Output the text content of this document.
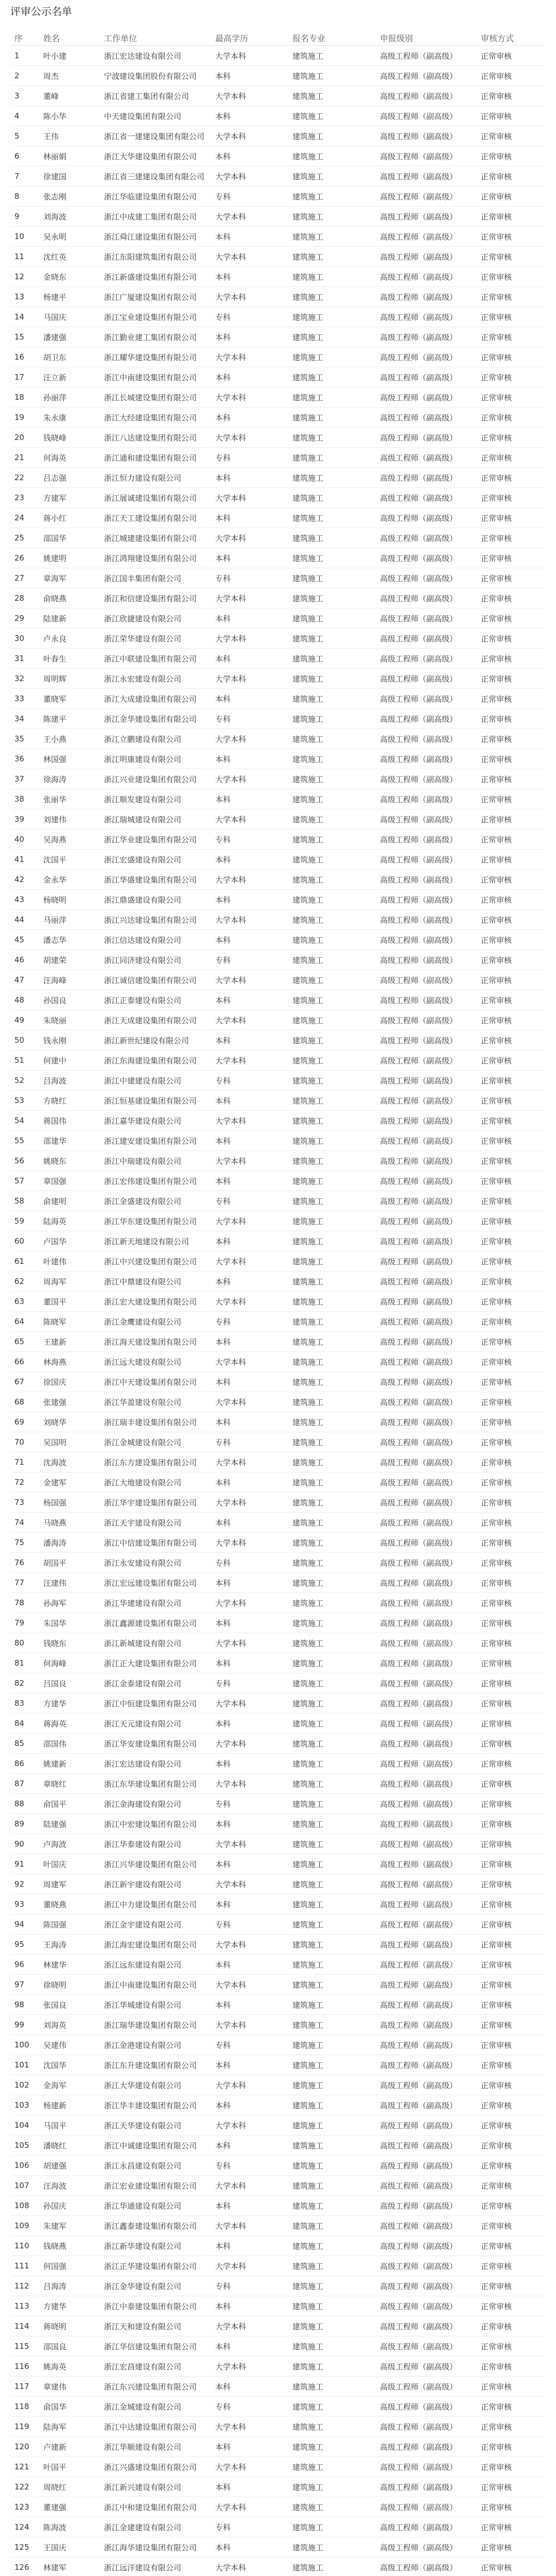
评审公示名单
序	姓名	工作单位	最高学历	报名专业	申报级别	审核方式
1	叶小建	浙江宏达建设有限公司	大学本科	建筑施工	高级工程师（副高级）	正常审核
2	周杰	宁波建设集团股份有限公司	本科	建筑施工	高级工程师（副高级）	正常审核
3	董峰	浙江省建工集团有限公司	大学本科	建筑施工	高级工程师（副高级）	正常审核
4	陈小华	中天建设集团有限公司	本科	建筑施工	高级工程师（副高级）	正常审核
5	王伟	浙江省一建建设集团有限公司	大学本科	建筑施工	高级工程师（副高级）	正常审核
6	林丽娟	浙江大华建设集团有限公司	本科	建筑施工	高级工程师（副高级）	正常审核
7	徐建国	浙江省三建建设集团有限公司	大学本科	建筑施工	高级工程师（副高级）	正常审核
8	张志刚	浙江华临建设集团有限公司	专科	建筑施工	高级工程师（副高级）	正常审核
9	刘海波	浙江中成建工集团有限公司	大学本科	建筑施工	高级工程师（副高级）	正常审核
10	吴永明	浙江舜江建设集团有限公司	本科	建筑施工	高级工程师（副高级）	正常审核
11	沈红英	浙江东阳建筑集团有限公司	大学本科	建筑施工	高级工程师（副高级）	正常审核
12	金晓东	浙江新盛建设集团有限公司	本科	建筑施工	高级工程师（副高级）	正常审核
13	杨建平	浙江广厦建设集团有限公司	大学本科	建筑施工	高级工程师（副高级）	正常审核
14	马国庆	浙江宝业建设集团有限公司	专科	建筑施工	高级工程师（副高级）	正常审核
15	潘建强	浙江勤业建工集团有限公司	本科	建筑施工	高级工程师（副高级）	正常审核
16	胡卫东	浙江耀华建设集团有限公司	大学本科	建筑施工	高级工程师（副高级）	正常审核
17	汪立新	浙江中南建设集团有限公司	本科	建筑施工	高级工程师（副高级）	正常审核
18	孙丽萍	浙江长城建设集团有限公司	大学本科	建筑施工	高级工程师（副高级）	正常审核
19	朱永康	浙江大经建设集团有限公司	本科	建筑施工	高级工程师（副高级）	正常审核
20	钱晓峰	浙江八达建设集团有限公司	大学本科	建筑施工	高级工程师（副高级）	正常审核
21	何海英	浙江通和建设集团有限公司	专科	建筑施工	高级工程师（副高级）	正常审核
22	吕志强	浙江恒力建设有限公司	本科	建筑施工	高级工程师（副高级）	正常审核
23	方建军	浙江展诚建设集团有限公司	大学本科	建筑施工	高级工程师（副高级）	正常审核
24	蒋小红	浙江天工建设集团有限公司	本科	建筑施工	高级工程师（副高级）	正常审核
25	邵国华	浙江城建建设集团有限公司	大学本科	建筑施工	高级工程师（副高级）	正常审核
26	姚建明	浙江鸿翔建设集团有限公司	本科	建筑施工	高级工程师（副高级）	正常审核
27	章海军	浙江国丰集团有限公司	专科	建筑施工	高级工程师（副高级）	正常审核
28	俞晓燕	浙江和信建设集团有限公司	大学本科	建筑施工	高级工程师（副高级）	正常审核
29	陆建新	浙江欣捷建设有限公司	本科	建筑施工	高级工程师（副高级）	正常审核
30	卢永良	浙江荣华建设有限公司	大学本科	建筑施工	高级工程师（副高级）	正常审核
31	叶春生	浙江中联建设集团有限公司	本科	建筑施工	高级工程师（副高级）	正常审核
32	周明辉	浙江永宏建设有限公司	大学本科	建筑施工	高级工程师（副高级）	正常审核
33	董晓军	浙江大成建设集团有限公司	本科	建筑施工	高级工程师（副高级）	正常审核
34	陈建平	浙江金华建设集团有限公司	专科	建筑施工	高级工程师（副高级）	正常审核
35	王小燕	浙江立鹏建设有限公司	大学本科	建筑施工	高级工程师（副高级）	正常审核
36	林国强	浙江明康建设有限公司	本科	建筑施工	高级工程师（副高级）	正常审核
37	徐海涛	浙江兴业建设集团有限公司	大学本科	建筑施工	高级工程师（副高级）	正常审核
38	张丽华	浙江顺发建设有限公司	本科	建筑施工	高级工程师（副高级）	正常审核
39	刘建伟	浙江瑞城建设有限公司	大学本科	建筑施工	高级工程师（副高级）	正常审核
40	吴海燕	浙江华业建设集团有限公司	专科	建筑施工	高级工程师（副高级）	正常审核
41	沈国平	浙江宏盛建设有限公司	本科	建筑施工	高级工程师（副高级）	正常审核
42	金永华	浙江华盛建设集团有限公司	大学本科	建筑施工	高级工程师（副高级）	正常审核
43	杨晓明	浙江鼎盛建设有限公司	本科	建筑施工	高级工程师（副高级）	正常审核
44	马丽萍	浙江兴达建设集团有限公司	大学本科	建筑施工	高级工程师（副高级）	正常审核
45	潘志华	浙江信达建设有限公司	本科	建筑施工	高级工程师（副高级）	正常审核
46	胡建荣	浙江同济建设有限公司	专科	建筑施工	高级工程师（副高级）	正常审核
47	汪海峰	浙江诚信建设集团有限公司	大学本科	建筑施工	高级工程师（副高级）	正常审核
48	孙国良	浙江正泰建设有限公司	本科	建筑施工	高级工程师（副高级）	正常审核
49	朱晓丽	浙江天成建设集团有限公司	大学本科	建筑施工	高级工程师（副高级）	正常审核
50	钱永刚	浙江新世纪建设有限公司	本科	建筑施工	高级工程师（副高级）	正常审核
51	何建中	浙江东海建设集团有限公司	大学本科	建筑施工	高级工程师（副高级）	正常审核
52	吕海波	浙江中建建设有限公司	专科	建筑施工	高级工程师（副高级）	正常审核
53	方晓红	浙江恒基建设集团有限公司	本科	建筑施工	高级工程师（副高级）	正常审核
54	蒋国伟	浙江嘉华建设有限公司	大学本科	建筑施工	高级工程师（副高级）	正常审核
55	邵建华	浙江建安建设集团有限公司	本科	建筑施工	高级工程师（副高级）	正常审核
56	姚晓东	浙江中瑞建设有限公司	大学本科	建筑施工	高级工程师（副高级）	正常审核
57	章国强	浙江宏伟建设集团有限公司	本科	建筑施工	高级工程师（副高级）	正常审核
58	俞建明	浙江金盛建设有限公司	专科	建筑施工	高级工程师（副高级）	正常审核
59	陆海英	浙江华东建设集团有限公司	大学本科	建筑施工	高级工程师（副高级）	正常审核
60	卢国华	浙江新天地建设有限公司	本科	建筑施工	高级工程师（副高级）	正常审核
61	叶建伟	浙江中兴建设集团有限公司	大学本科	建筑施工	高级工程师（副高级）	正常审核
62	周海军	浙江中鼎建设有限公司	本科	建筑施工	高级工程师（副高级）	正常审核
63	董国平	浙江宏大建设集团有限公司	大学本科	建筑施工	高级工程师（副高级）	正常审核
64	陈晓军	浙江金鹰建设有限公司	专科	建筑施工	高级工程师（副高级）	正常审核
65	王建新	浙江海天建设集团有限公司	本科	建筑施工	高级工程师（副高级）	正常审核
66	林海燕	浙江远大建设有限公司	大学本科	建筑施工	高级工程师（副高级）	正常审核
67	徐国庆	浙江中天建设集团有限公司	本科	建筑施工	高级工程师（副高级）	正常审核
68	张建强	浙江华盈建设有限公司	大学本科	建筑施工	高级工程师（副高级）	正常审核
69	刘晓华	浙江瑞丰建设集团有限公司	本科	建筑施工	高级工程师（副高级）	正常审核
70	吴国明	浙江金城建设有限公司	专科	建筑施工	高级工程师（副高级）	正常审核
71	沈海波	浙江东方建设集团有限公司	大学本科	建筑施工	高级工程师（副高级）	正常审核
72	金建军	浙江大地建设有限公司	本科	建筑施工	高级工程师（副高级）	正常审核
73	杨国强	浙江华宇建设集团有限公司	大学本科	建筑施工	高级工程师（副高级）	正常审核
74	马晓燕	浙江天宇建设有限公司	本科	建筑施工	高级工程师（副高级）	正常审核
75	潘海涛	浙江中信建设集团有限公司	大学本科	建筑施工	高级工程师（副高级）	正常审核
76	胡国平	浙江永安建设有限公司	专科	建筑施工	高级工程师（副高级）	正常审核
77	汪建伟	浙江宏远建设集团有限公司	本科	建筑施工	高级工程师（副高级）	正常审核
78	孙海军	浙江华建建设有限公司	大学本科	建筑施工	高级工程师（副高级）	正常审核
79	朱国华	浙江鑫源建设集团有限公司	本科	建筑施工	高级工程师（副高级）	正常审核
80	钱晓东	浙江新城建设有限公司	大学本科	建筑施工	高级工程师（副高级）	正常审核
81	何海峰	浙江正大建设集团有限公司	本科	建筑施工	高级工程师（副高级）	正常审核
82	吕国良	浙江金泰建设有限公司	专科	建筑施工	高级工程师（副高级）	正常审核
83	方建华	浙江中恒建设集团有限公司	大学本科	建筑施工	高级工程师（副高级）	正常审核
84	蒋海英	浙江天元建设有限公司	本科	建筑施工	高级工程师（副高级）	正常审核
85	邵国伟	浙江华安建设集团有限公司	大学本科	建筑施工	高级工程师（副高级）	正常审核
86	姚建新	浙江宏达建设有限公司	本科	建筑施工	高级工程师（副高级）	正常审核
87	章晓红	浙江东华建设集团有限公司	大学本科	建筑施工	高级工程师（副高级）	正常审核
88	俞国平	浙江金海建设有限公司	专科	建筑施工	高级工程师（副高级）	正常审核
89	陆建强	浙江中宏建设集团有限公司	本科	建筑施工	高级工程师（副高级）	正常审核
90	卢海波	浙江华泰建设有限公司	大学本科	建筑施工	高级工程师（副高级）	正常审核
91	叶国庆	浙江兴华建设集团有限公司	本科	建筑施工	高级工程师（副高级）	正常审核
92	周建军	浙江新宇建设有限公司	大学本科	建筑施工	高级工程师（副高级）	正常审核
93	董晓燕	浙江中力建设集团有限公司	本科	建筑施工	高级工程师（副高级）	正常审核
94	陈国强	浙江金宇建设有限公司	专科	建筑施工	高级工程师（副高级）	正常审核
95	王海涛	浙江海宏建设集团有限公司	大学本科	建筑施工	高级工程师（副高级）	正常审核
96	林建华	浙江远东建设有限公司	本科	建筑施工	高级工程师（副高级）	正常审核
97	徐晓明	浙江中南建设集团有限公司	大学本科	建筑施工	高级工程师（副高级）	正常审核
98	张国良	浙江华城建设有限公司	本科	建筑施工	高级工程师（副高级）	正常审核
99	刘海英	浙江瑞华建设集团有限公司	大学本科	建筑施工	高级工程师（副高级）	正常审核
100	吴建伟	浙江金港建设有限公司	专科	建筑施工	高级工程师（副高级）	正常审核
101	沈国华	浙江东升建设集团有限公司	本科	建筑施工	高级工程师（副高级）	正常审核
102	金海军	浙江大华建设有限公司	大学本科	建筑施工	高级工程师（副高级）	正常审核
103	杨建新	浙江华丰建设集团有限公司	本科	建筑施工	高级工程师（副高级）	正常审核
104	马国平	浙江天华建设有限公司	大学本科	建筑施工	高级工程师（副高级）	正常审核
105	潘晓红	浙江中诚建设集团有限公司	本科	建筑施工	高级工程师（副高级）	正常审核
106	胡建强	浙江永昌建设有限公司	专科	建筑施工	高级工程师（副高级）	正常审核
107	汪海波	浙江宏业建设集团有限公司	大学本科	建筑施工	高级工程师（副高级）	正常审核
108	孙国庆	浙江华通建设有限公司	本科	建筑施工	高级工程师（副高级）	正常审核
109	朱建军	浙江鑫泰建设集团有限公司	大学本科	建筑施工	高级工程师（副高级）	正常审核
110	钱晓燕	浙江新华建设有限公司	本科	建筑施工	高级工程师（副高级）	正常审核
111	何国强	浙江正华建设集团有限公司	大学本科	建筑施工	高级工程师（副高级）	正常审核
112	吕海涛	浙江金华建设有限公司	专科	建筑施工	高级工程师（副高级）	正常审核
113	方建华	浙江中泰建设集团有限公司	本科	建筑施工	高级工程师（副高级）	正常审核
114	蒋晓明	浙江天和建设有限公司	大学本科	建筑施工	高级工程师（副高级）	正常审核
115	邵国良	浙江华信建设集团有限公司	本科	建筑施工	高级工程师（副高级）	正常审核
116	姚海英	浙江宏昌建设有限公司	大学本科	建筑施工	高级工程师（副高级）	正常审核
117	章建伟	浙江东兴建设集团有限公司	本科	建筑施工	高级工程师（副高级）	正常审核
118	俞国华	浙江金城建设有限公司	专科	建筑施工	高级工程师（副高级）	正常审核
119	陆海军	浙江中达建设集团有限公司	大学本科	建筑施工	高级工程师（副高级）	正常审核
120	卢建新	浙江华顺建设有限公司	本科	建筑施工	高级工程师（副高级）	正常审核
121	叶国平	浙江兴盛建设集团有限公司	大学本科	建筑施工	高级工程师（副高级）	正常审核
122	周晓红	浙江新兴建设有限公司	本科	建筑施工	高级工程师（副高级）	正常审核
123	董建强	浙江中和建设集团有限公司	大学本科	建筑施工	高级工程师（副高级）	正常审核
124	陈海波	浙江金建建设有限公司	专科	建筑施工	高级工程师（副高级）	正常审核
125	王国庆	浙江海华建设集团有限公司	本科	建筑施工	高级工程师（副高级）	正常审核
126	林建军	浙江远洋建设有限公司	大学本科	建筑施工	高级工程师（副高级）	正常审核
